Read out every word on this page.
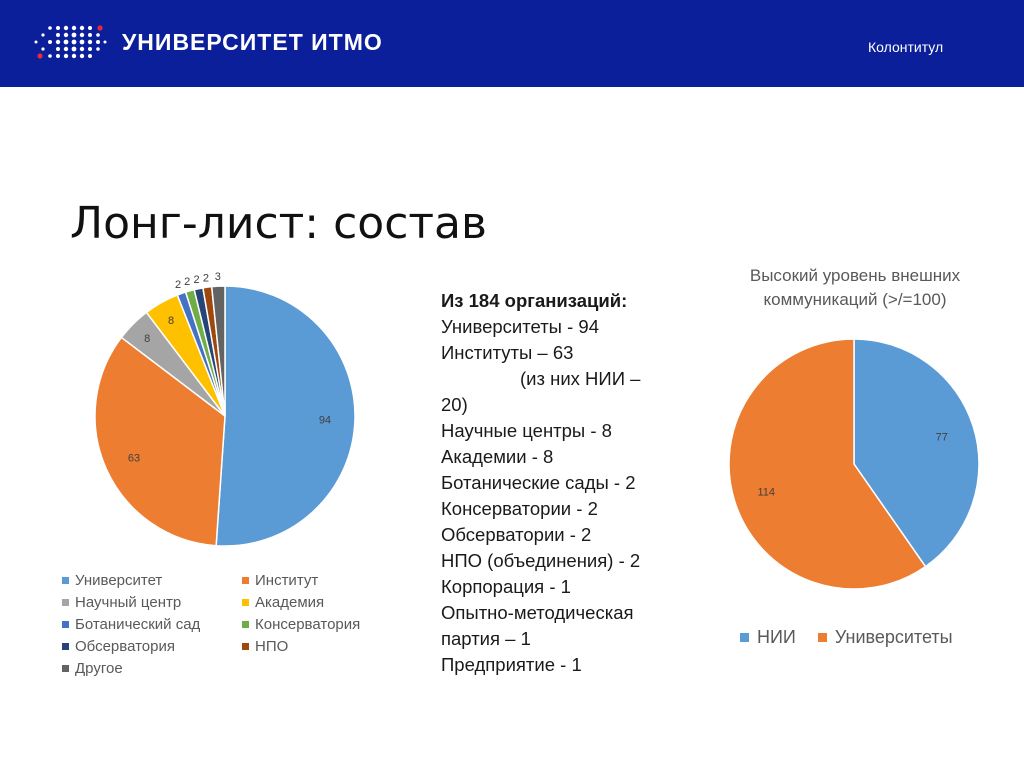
УНИВЕРСИТЕТ ИТМО	Колонтитул
Лонг-лист: состав
94
63
8
8
2 2 2 2 3
Университет	Институт
Научный центр	Академия
Ботанический сад	Консерватория
Обсерватория	НПО
Другое
Из 184 организаций:
Университеты - 94
Институты – 63
(из них НИИ –
20)
Научные центры - 8
Академии - 8
Ботанические сады - 2
Консерватории - 2
Обсерватории - 2
НПО (объединения) - 2
Корпорация - 1
Опытно-методическая
партия – 1
Предприятие - 1
Высокий уровень внешних коммуникаций (>/=100)
77
114
НИИ Университеты
